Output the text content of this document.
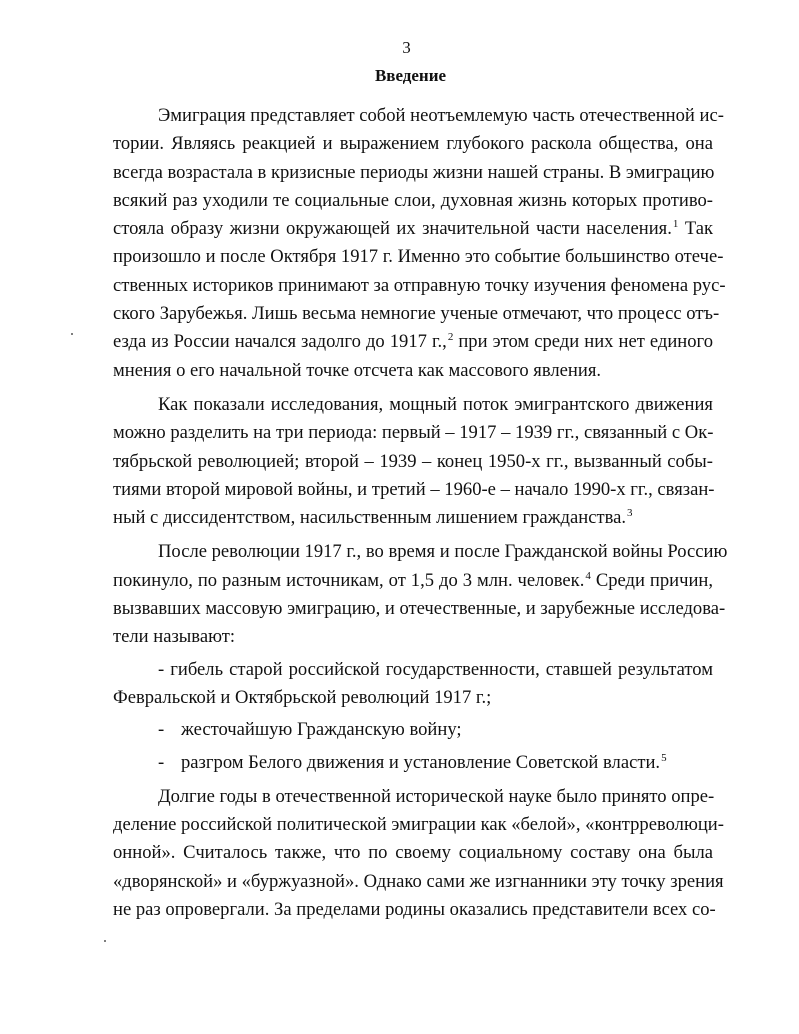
3
Введение
Эмиграция представляет собой неотъемлемую часть отечественной ис-
тории. Являясь реакцией и выражением глубокого раскола общества, она
всегда возрастала в кризисные периоды жизни нашей страны. В эмиграцию
всякий раз уходили те социальные слои, духовная жизнь которых противо-
стояла образу жизни окружающей их значительной части населения.$^1$ Так
произошло и после Октября 1917 г. Именно это событие большинство отече-
ственных историков принимают за отправную точку изучения феномена рус-
ского Зарубежья. Лишь весьма немногие ученые отмечают, что процесс отъ-
езда из России начался задолго до 1917 г.,$^2$ при этом среди них нет единого
мнения о его начальной точке отсчета как массового явления.
Как показали исследования, мощный поток эмигрантского движения
можно разделить на три периода: первый – 1917 – 1939 гг., связанный с Ок-
тябрьской революцией; второй – 1939 – конец 1950-х гг., вызванный собы-
тиями второй мировой войны, и третий – 1960-е – начало 1990-х гг., связан-
ный с диссидентством, насильственным лишением гражданства.$^3$
После революции 1917 г., во время и после Гражданской войны Россию
покинуло, по разным источникам, от 1,5 до 3 млн. человек.$^4$ Среди причин,
вызвавших массовую эмиграцию, и отечественные, и зарубежные исследова-
тели называют:
- гибель старой российской государственности, ставшей результатом
Февральской и Октябрьской революций 1917 г.;
- жесточайшую Гражданскую войну;
- разгром Белого движения и установление Советской власти.$^5$
Долгие годы в отечественной исторической науке было принято опре-
деление российской политической эмиграции как «белой», «контрреволюци-
онной». Считалось также, что по своему социальному составу она была
«дворянской» и «буржуазной». Однако сами же изгнанники эту точку зрения
не раз опровергали. За пределами родины оказались представители всех со-
